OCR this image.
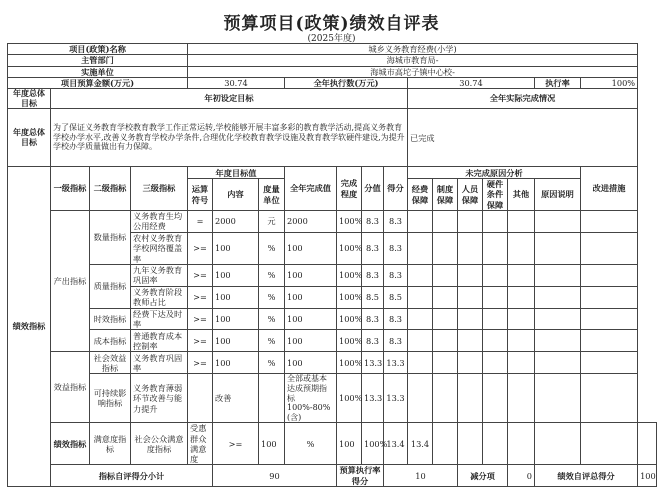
预算项目(政策)绩效自评表
(2025年度)
项目(政策)名称				城乡义务教育经费(小学)														
主管部门				海城市教育局-														
实施单位				海城市高坨子镇中心校-														
项目预算金额(万元)				30.74			全年执行数(万元)				30.74					执行率	100%	
年度总体目标	年初设定目标										全年实际完成情况							
年度总体目标	为了保证义务教育学校教育教学工作正常运转,学校能够开展丰富多彩的教育教学活动,提高义务教育学校办学水平,改善义务教育学校办学条件,合理优化学校教育教学设施及教育教学软硬件建设,为提升学校办学质量做出有力保障。										已完成							
绩效指标	一级指标	二级指标	三级指标	年度目标值			全年完成值	完成程度	分值	得分	未完成原因分析						改进措施	
				运算符号	内容	度量单位					经费保障	制度保障	人员保障	硬件条件保障	其他	原因说明		
	产出指标	数量指标	义务教育生均公用经费	=	2000	元	2000	100%	8.3	8.3								
			农村义务教育学校网络覆盖率	>=	100	%	100	100%	8.3	8.3								
		质量指标	九年义务教育巩固率	>=	100	%	100	100%	8.3	8.3								
			义务教育阶段教师占比	>=	100	%	100	100%	8.5	8.5								
		时效指标	经费下达及时率	>=	100	%	100	100%	8.3	8.3								
		成本指标	普通教育成本控制率	>=	100	%	100	100%	8.3	8.3								
	效益指标	社会效益指标	义务教育巩固率	>=	100	%	100	100%	13.3	13.3								
		可持续影响指标	义务教育薄弱环节改善与能力提升		改善		全部或基本达成预期指标100%-80%(含)	100%	13.3	13.3								
	绩效指标	满意度指标	社会公众满意度指标	受惠群众满意度	>=	100	%	100	100%	13.4	13.4							
	指标自评得分小计				90			预算执行率得分		10			减分项		0	绩效自评总得分		100
